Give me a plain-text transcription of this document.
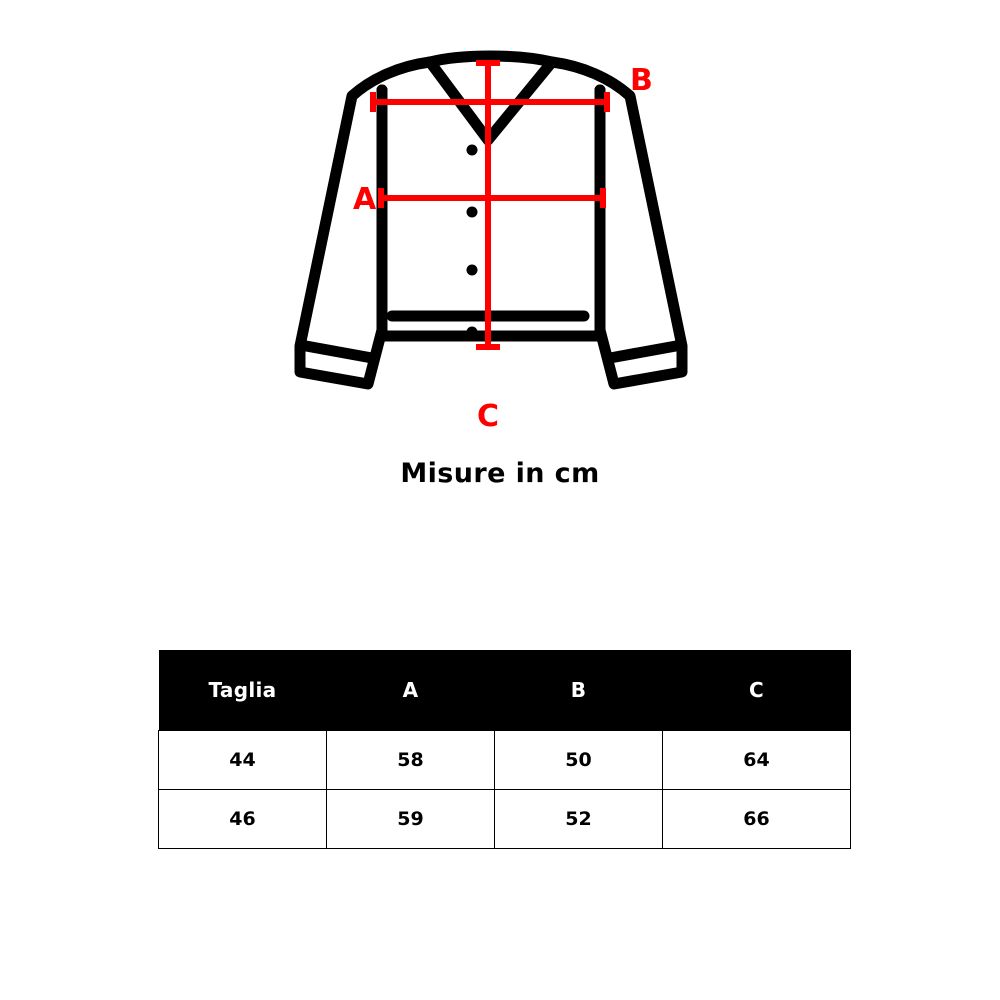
B
A
C
Misure in cm
Taglia	A	B	C
44	58	50	64
46	59	52	66
